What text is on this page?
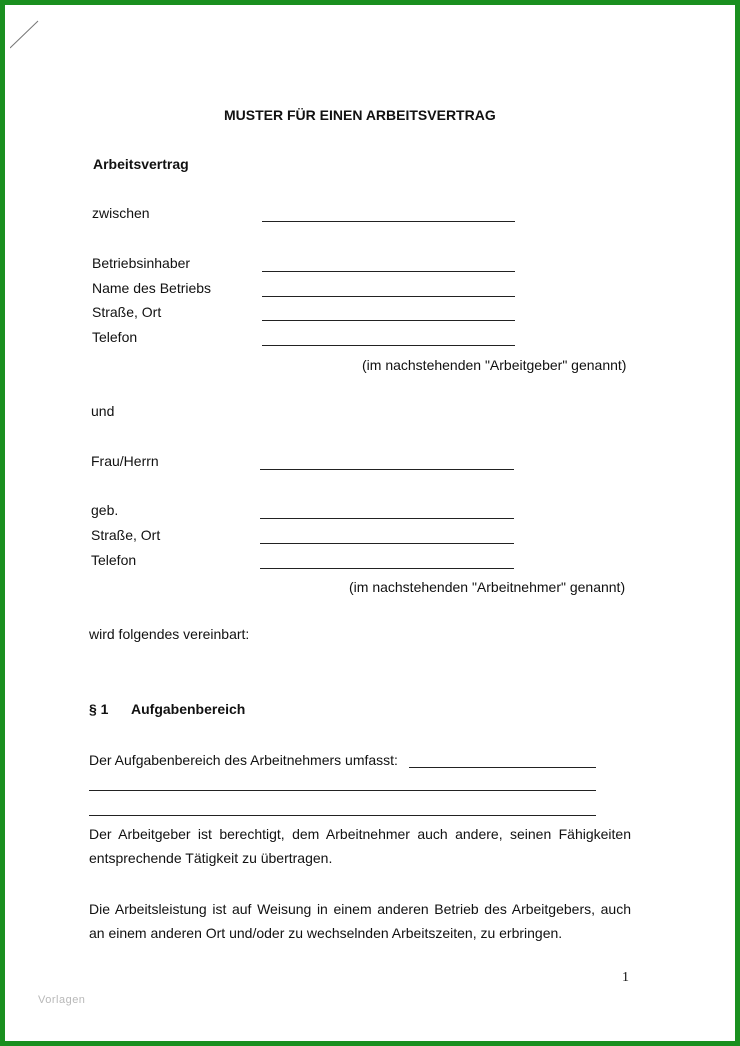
MUSTER FÜR EINEN ARBEITSVERTRAG
Arbeitsvertrag
zwischen
Betriebsinhaber
Name des Betriebs
Straße, Ort
Telefon
(im nachstehenden "Arbeitgeber" genannt)
und
Frau/Herrn
geb.
Straße, Ort
Telefon
(im nachstehenden "Arbeitnehmer" genannt)
wird folgendes vereinbart:
§ 1 Aufgabenbereich
Der Aufgabenbereich des Arbeitnehmers umfasst:
Der Arbeitgeber ist berechtigt, dem Arbeitnehmer auch andere, seinen Fähigkeiten entsprechende Tätigkeit zu übertragen.
Die Arbeitsleistung ist auf Weisung in einem anderen Betrieb des Arbeitgebers, auch an einem anderen Ort und/oder zu wechselnden Arbeitszeiten, zu erbringen.
1
Vorlagen
